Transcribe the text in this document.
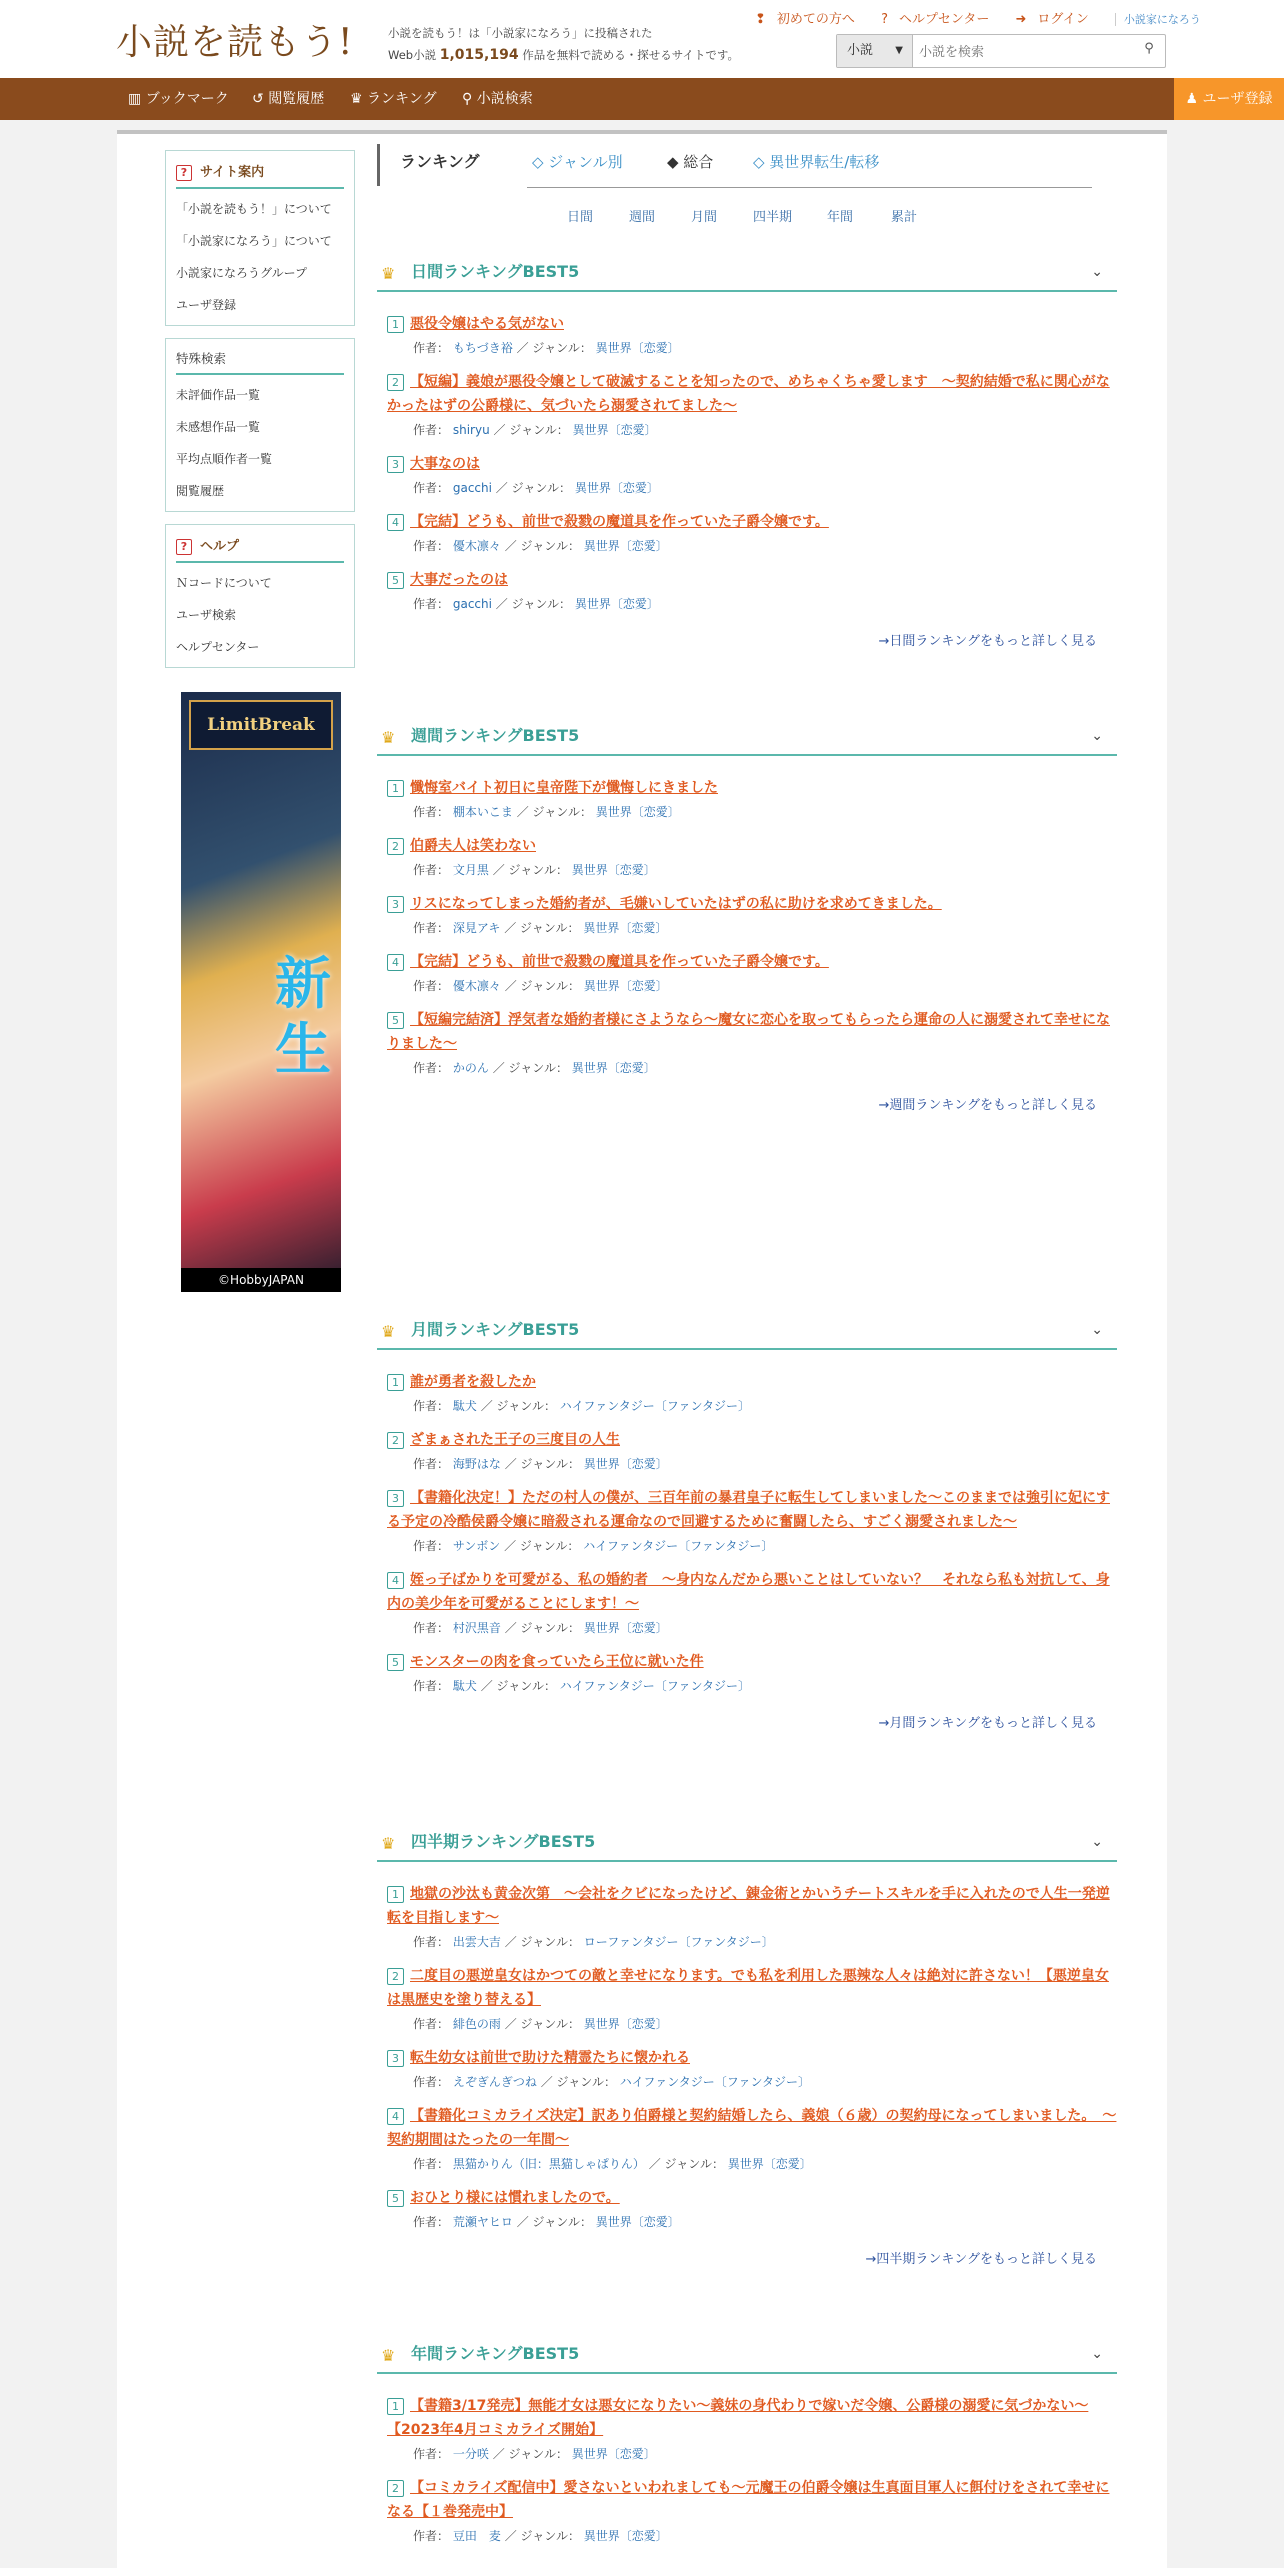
小説を読もう!	小説を読もう！は「小説家になろう」に投稿された
Web小説 1,015,194 作品を無料で読める・探せるサイトです。
❢ 初めての方へ ? ヘルプセンター ➜ ログイン	小説家になろう
小説 ▼
小説を検索	⚲
▥ ブックマーク ↺ 閲覧履歴 ♛ ランキング ⚲ 小説検索	♟ ユーザ登録
? サイト案内
「小説を読もう！」について
「小説家になろう」について
小説家になろうグループ
ユーザ登録
特殊検索
未評価作品一覧
未感想作品一覧
平均点順作者一覧
閲覧履歴
? ヘルプ
Ｎコードについて
ユーザ検索
ヘルプセンター
LimitBreak
新生
©HobbyJAPAN
ランキング	◇ ジャンル別	◆ 総合	◇ 異世界転生/転移
日間	週間	月間	四半期	年間	累計
♛ 日間ランキングBEST5	⌄
1 悪役令嬢はやる気がない
作者： もちづき裕 ／ ジャンル： 異世界〔恋愛〕
2 【短編】義娘が悪役令嬢として破滅することを知ったので、めちゃくちゃ愛します　～契約結婚で私に関心がなかったはずの公爵様に、気づいたら溺愛されてました～
作者： shiryu ／ ジャンル： 異世界〔恋愛〕
3 大事なのは
作者： gacchi ／ ジャンル： 異世界〔恋愛〕
4 【完結】どうも、前世で殺戮の魔道具を作っていた子爵令嬢です。
作者： 優木凛々 ／ ジャンル： 異世界〔恋愛〕
5 大事だったのは
作者： gacchi ／ ジャンル： 異世界〔恋愛〕
→日間ランキングをもっと詳しく見る
♛ 週間ランキングBEST5	⌄
1 懺悔室バイト初日に皇帝陛下が懺悔しにきました
作者： 棚本いこま ／ ジャンル： 異世界〔恋愛〕
2 伯爵夫人は笑わない
作者： 文月黒 ／ ジャンル： 異世界〔恋愛〕
3 リスになってしまった婚約者が、毛嫌いしていたはずの私に助けを求めてきました。
作者： 深見アキ ／ ジャンル： 異世界〔恋愛〕
4 【完結】どうも、前世で殺戮の魔道具を作っていた子爵令嬢です。
作者： 優木凛々 ／ ジャンル： 異世界〔恋愛〕
5 【短編完結済】浮気者な婚約者様にさようなら～魔女に恋心を取ってもらったら運命の人に溺愛されて幸せになりました～
作者： かのん ／ ジャンル： 異世界〔恋愛〕
→週間ランキングをもっと詳しく見る
♛ 月間ランキングBEST5	⌄
1 誰が勇者を殺したか
作者： 駄犬 ／ ジャンル： ハイファンタジー〔ファンタジー〕
2 ざまぁされた王子の三度目の人生
作者： 海野はな ／ ジャンル： 異世界〔恋愛〕
3 【書籍化決定！】ただの村人の僕が、三百年前の暴君皇子に転生してしまいました～このままでは強引に妃にする予定の冷酷侯爵令嬢に暗殺される運命なので回避するために奮闘したら、すごく溺愛されました～
作者： サンボン ／ ジャンル： ハイファンタジー〔ファンタジー〕
4 姪っ子ばかりを可愛がる、私の婚約者　～身内なんだから悪いことはしていない？　それなら私も対抗して、身内の美少年を可愛がることにします！～
作者： 村沢黒音 ／ ジャンル： 異世界〔恋愛〕
5 モンスターの肉を食っていたら王位に就いた件
作者： 駄犬 ／ ジャンル： ハイファンタジー〔ファンタジー〕
→月間ランキングをもっと詳しく見る
♛ 四半期ランキングBEST5	⌄
1 地獄の沙汰も黄金次第　～会社をクビになったけど、錬金術とかいうチートスキルを手に入れたので人生一発逆転を目指します～
作者： 出雲大吉 ／ ジャンル： ローファンタジー〔ファンタジー〕
2 二度目の悪逆皇女はかつての敵と幸せになります。でも私を利用した悪辣な人々は絶対に許さない！【悪逆皇女は黒歴史を塗り替える】
作者： 緋色の雨 ／ ジャンル： 異世界〔恋愛〕
3 転生幼女は前世で助けた精霊たちに懐かれる
作者： えぞぎんぎつね ／ ジャンル： ハイファンタジー〔ファンタジー〕
4 【書籍化コミカライズ決定】訳あり伯爵様と契約結婚したら、義娘（６歳）の契約母になってしまいました。　～契約期間はたったの一年間～
作者： 黒猫かりん（旧：黒猫しゃぱりん） ／ ジャンル： 異世界〔恋愛〕
5 おひとり様には慣れましたので。
作者： 荒瀬ヤヒロ ／ ジャンル： 異世界〔恋愛〕
→四半期ランキングをもっと詳しく見る
♛ 年間ランキングBEST5	⌄
1 【書籍3/17発売】無能才女は悪女になりたい～義妹の身代わりで嫁いだ令嬢、公爵様の溺愛に気づかない～【2023年4月コミカライズ開始】
作者： 一分咲 ／ ジャンル： 異世界〔恋愛〕
2 【コミカライズ配信中】愛さないといわれましても～元魔王の伯爵令嬢は生真面目軍人に餌付けをされて幸せになる【１巻発売中】
作者： 豆田　麦 ／ ジャンル： 異世界〔恋愛〕
